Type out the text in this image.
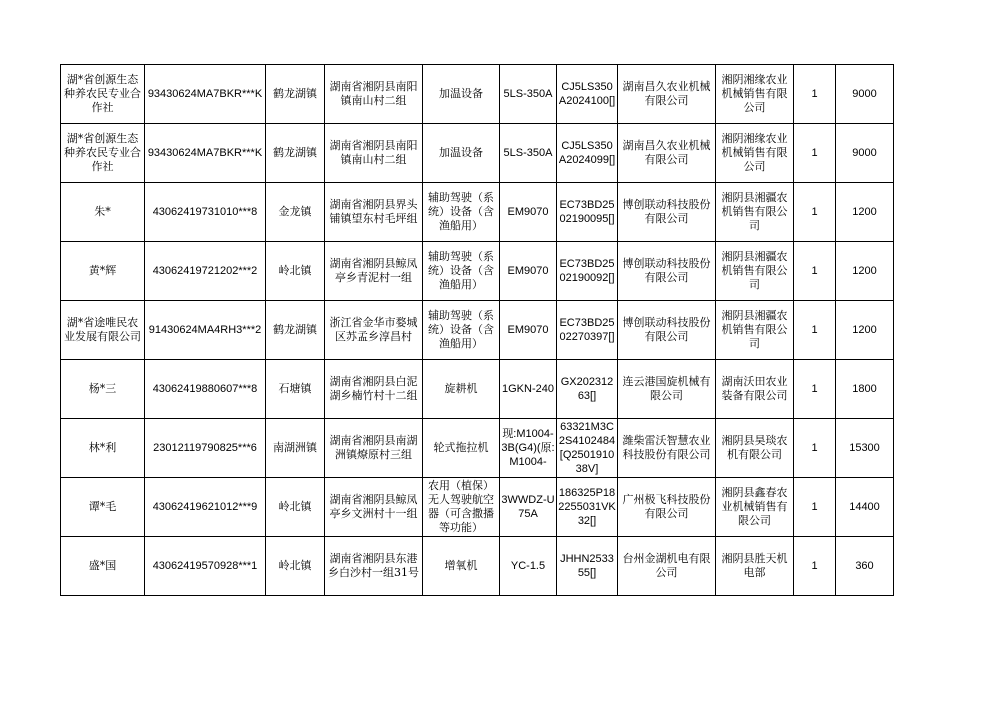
湖*省创源生态种养农民专业合作社	93430624MA7BKR***K	鹤龙湖镇	湖南省湘阴县南阳镇南山村二组	加温设备	5LS-350A	CJ5LS350A2024100[]	湖南昌久农业机械有限公司	湘阴湘缘农业机械销售有限公司	1	9000
湖*省创源生态种养农民专业合作社	93430624MA7BKR***K	鹤龙湖镇	湖南省湘阴县南阳镇南山村二组	加温设备	5LS-350A	CJ5LS350A2024099[]	湖南昌久农业机械有限公司	湘阴湘缘农业机械销售有限公司	1	9000
朱*	43062419731010***8	金龙镇	湖南省湘阴县界头铺镇望东村毛坪组	辅助驾驶（系统）设备（含渔船用）	EM9070	EC73BD2502190095[]	博创联动科技股份有限公司	湘阴县湘疆农机销售有限公司	1	1200
黄*辉	43062419721202***2	岭北镇	湖南省湘阴县鲸凤亭乡青泥村一组	辅助驾驶（系统）设备（含渔船用）	EM9070	EC73BD2502190092[]	博创联动科技股份有限公司	湘阴县湘疆农机销售有限公司	1	1200
湖*省途唯民农业发展有限公司	91430624MA4RH3***2	鹤龙湖镇	浙江省金华市婺城区苏孟乡淳昌村	辅助驾驶（系统）设备（含渔船用）	EM9070	EC73BD2502270397[]	博创联动科技股份有限公司	湘阴县湘疆农机销售有限公司	1	1200
杨*三	43062419880607***8	石塘镇	湖南省湘阴县白泥湖乡楠竹村十二组	旋耕机	1GKN-240	GX20231263[]	连云港国旋机械有限公司	湖南沃田农业装备有限公司	1	1800
林*利	23012119790825***6	南湖洲镇	湖南省湘阴县南湖洲镇燎原村三组	轮式拖拉机	现:M1004-3B(G4)(原:M1004-	63321M3C2S4102484[Q250191038V]	潍柴雷沃智慧农业科技股份有限公司	湘阴县昊琰农机有限公司	1	15300
谭*毛	43062419621012***9	岭北镇	湖南省湘阴县鲸凤亭乡文洲村十一组	农用（植保）无人驾驶航空器（可含撒播等功能）	3WWDZ-U75A	186325P182255031VK32[]	广州极飞科技股份有限公司	湘阴县鑫春农业机械销售有限公司	1	14400
盛*国	43062419570928***1	岭北镇	湖南省湘阴县东港乡白沙村一组31号	增氧机	YC-1.5	JHHN253355[]	台州金湖机电有限公司	湘阴县胜天机电部	1	360
